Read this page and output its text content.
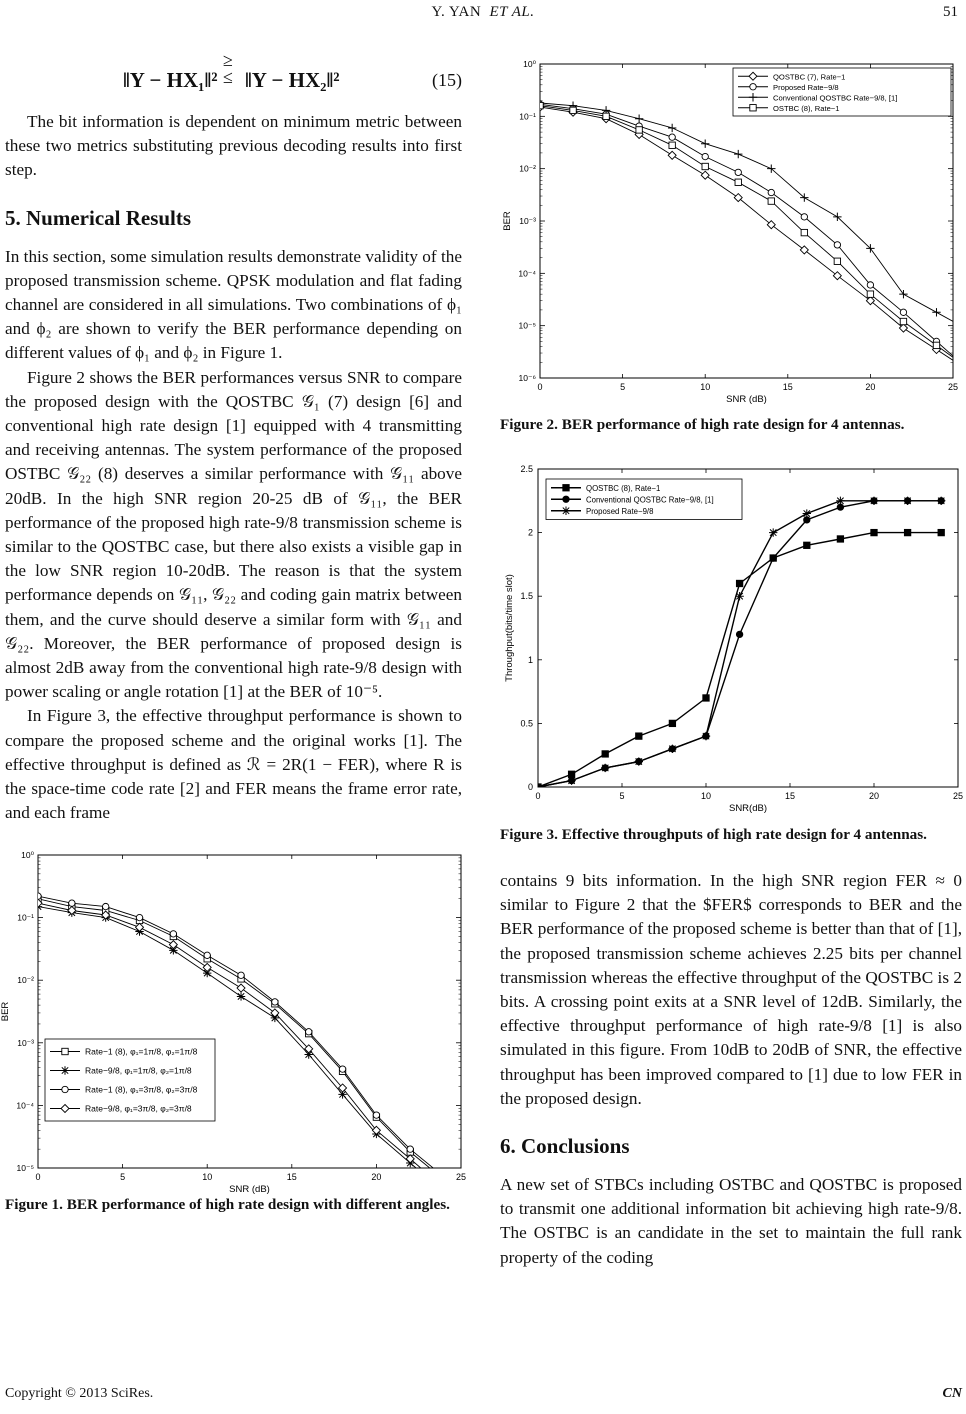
Y. YAN ET AL.	51
‖Y − HX₁‖²
≥
≤ ‖Y − HX₂‖²	(15)

The bit information is dependent on minimum metric between these two metrics substituting previous decoding results into first step.

5. Numerical Results

In this section, some simulation results demonstrate validity of the proposed transmission scheme. QPSK modulation and flat fading channel are considered in all simulations. Two combinations of ϕ₁ and ϕ₂ are shown to verify the BER performance depending on different values of ϕ₁ and ϕ₂ in Figure 1.

Figure 2 shows the BER performances versus SNR to compare the proposed design with the QOSTBC 𝒢₁ (7) design [6] and conventional high rate design [1] equipped with 4 transmitting and receiving antennas. The system performance of the proposed OSTBC 𝒢₂₂ (8) deserves a similar performance with 𝒢₁₁ above 20dB. In the high SNR region 20-25 dB of 𝒢₁₁, the BER performance of the proposed high rate-9/8 transmission scheme is similar to the QOSTBC case, but there also exists a visible gap in the low SNR region 10-20dB. The reason is that the system performance depends on 𝒢₁₁, 𝒢₂₂ and coding gain matrix between them, and the curve should deserve a similar form with 𝒢₁₁ and 𝒢₂₂. Moreover, the BER performance of proposed design is almost 2dB away from the conventional high rate-9/8 design with power scaling or angle rotation [1] at the BER of 10⁻⁵.

In Figure 3, the effective throughput performance is shown to compare the proposed scheme and the original works [1]. The effective throughput is defined as ℛ = 2R(1 − FER), where R is the space-time code rate [2] and FER means the frame error rate, and each frame

0	5	10	15	20	25
10⁻⁵
10⁻⁴
10⁻³
10⁻²
10⁻¹
10⁰
SNR (dB)
BER
Rate−1 (8), φ₁=1π/8, φ₂=1π/8
Rate−9/8, φ₁=1π/8, φ₂=1π/8
Rate−1 (8), φ₁=3π/8, φ₂=3π/8
Rate−9/8, φ₁=3π/8, φ₂=3π/8
Figure 1. BER performance of high rate design with different angles.
0	5	10	15	20	25
10⁻⁶
10⁻⁵
10⁻⁴
10⁻³
10⁻²
10⁻¹
10⁰
SNR (dB)
BER
QOSTBC (7), Rate−1
Proposed Rate−9/8
Conventional QOSTBC Rate−9/8, [1]
OSTBC (8), Rate−1
Figure 2. BER performance of high rate design for 4 antennas.
0	5	10	15	20	25
0
0.5
1
1.5
2
2.5
SNR(dB)
Throughput(bits/time slot)
QOSTBC (8), Rate−1
Conventional QOSTBC Rate−9/8, [1]
Proposed Rate−9/8
Figure 3. Effective throughputs of high rate design for 4 antennas.

contains 9 bits information. In the high SNR region FER ≈ 0 similar to Figure 2 that the $FER$ corresponds to BER and the BER performance of the proposed scheme is better than that of [1], the proposed transmission scheme achieves 2.25 bits per channel transmission whereas the effective throughput of the QOSTBC is 2 bits. A crossing point exits at a SNR level of 12dB. Similarly, the effective throughput performance of high rate-9/8 [1] is also simulated in this figure. From 10dB to 20dB of SNR, the effective throughput has been improved compared to [1] due to low FER in the proposed design.

6. Conclusions

A new set of STBCs including OSTBC and QOSTBC is proposed to transmit one additional information bit achieving high rate-9/8. The OSTBC is an candidate in the set to maintain the full rank property of the coding

Copyright © 2013 SciRes.	CN
